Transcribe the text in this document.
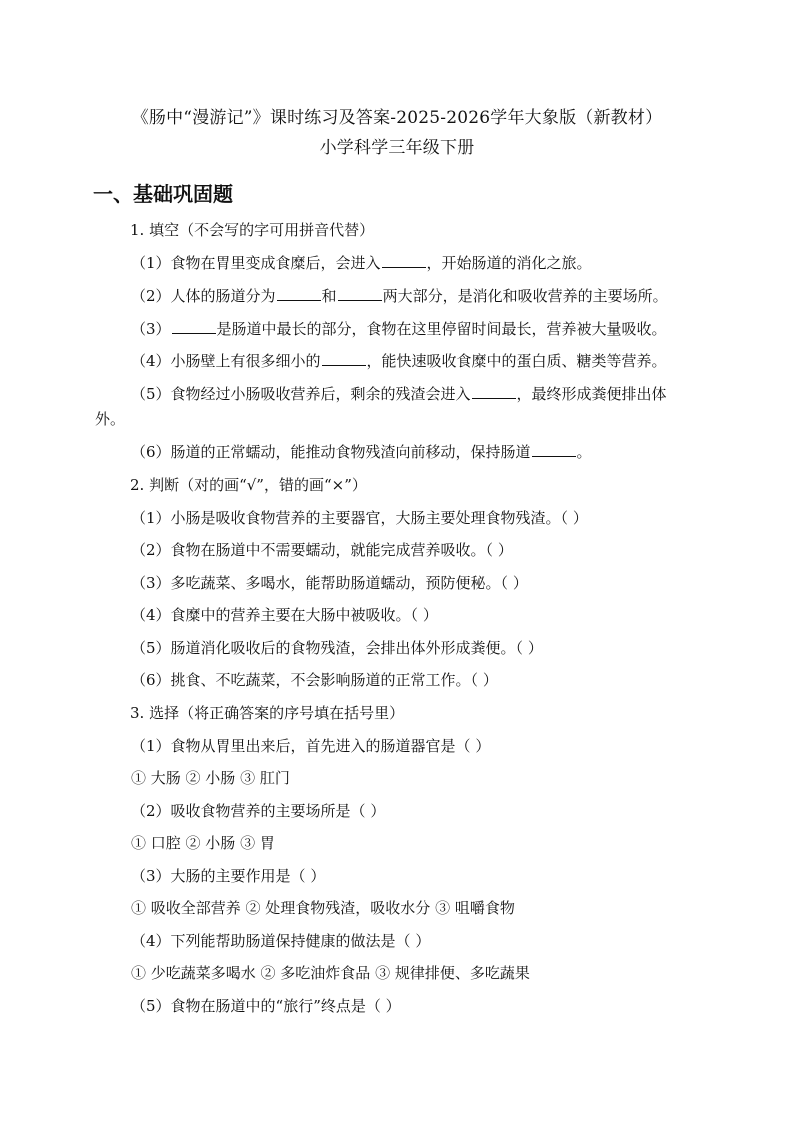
《肠中“漫游记”》课时练习及答案-2025-2026学年大象版（新教材）
小学科学三年级下册
一、基础巩固题
1. 填空（不会写的字可用拼音代替）
（1）食物在胃里变成食糜后，会进入	，开始肠道的消化之旅。
（2）人体的肠道分为	和	两大部分，是消化和吸收营养的主要场所。
（3）	是肠道中最长的部分，食物在这里停留时间最长，营养被大量吸收。
（4）小肠壁上有很多细小的	，能快速吸收食糜中的蛋白质、糖类等营养。
（5）食物经过小肠吸收营养后，剩余的残渣会进入	，最终形成粪便排出体
外。
（6）肠道的正常蠕动，能推动食物残渣向前移动，保持肠道	。
2. 判断（对的画“√”，错的画“×”）
（1）小肠是吸收食物营养的主要器官，大肠主要处理食物残渣。（ ）
（2）食物在肠道中不需要蠕动，就能完成营养吸收。（ ）
（3）多吃蔬菜、多喝水，能帮助肠道蠕动，预防便秘。（ ）
（4）食糜中的营养主要在大肠中被吸收。（ ）
（5）肠道消化吸收后的食物残渣，会排出体外形成粪便。（ ）
（6）挑食、不吃蔬菜，不会影响肠道的正常工作。（ ）
3. 选择（将正确答案的序号填在括号里）
（1）食物从胃里出来后，首先进入的肠道器官是（ ）
① 大肠 ② 小肠 ③ 肛门
（2）吸收食物营养的主要场所是（ ）
① 口腔 ② 小肠 ③ 胃
（3）大肠的主要作用是（ ）
① 吸收全部营养 ② 处理食物残渣，吸收水分 ③ 咀嚼食物
（4）下列能帮助肠道保持健康的做法是（ ）
① 少吃蔬菜多喝水 ② 多吃油炸食品 ③ 规律排便、多吃蔬果
（5）食物在肠道中的“旅行”终点是（ ）
